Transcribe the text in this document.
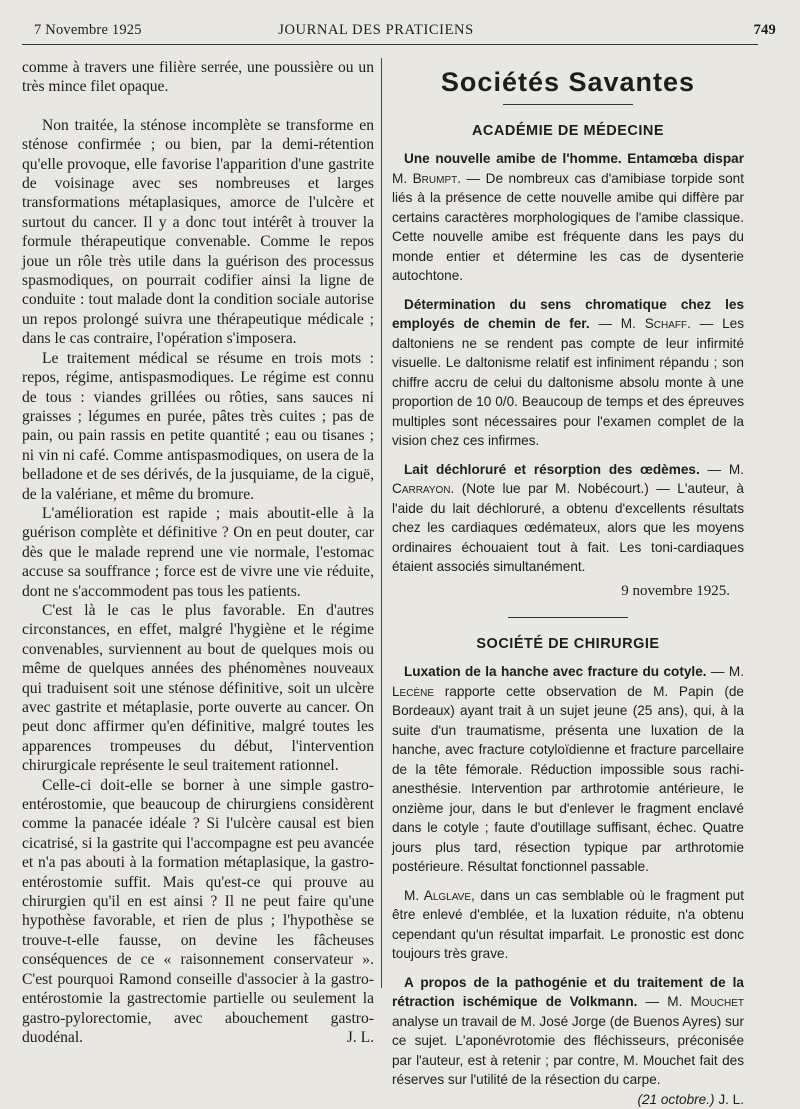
7 Novembre 1925	JOURNAL DES PRATICIENS	749

comme à travers une filière serrée, une poussière ou un très mince filet opaque.

Non traitée, la sténose incomplète se transforme en sténose confirmée ; ou bien, par la demi-rétention qu'elle provoque, elle favorise l'apparition d'une gastrite de voisinage avec ses nombreuses et larges transformations métaplasiques, amorce de l'ulcère et surtout du cancer. Il y a donc tout intérêt à trouver la formule thérapeutique convenable. Comme le repos joue un rôle très utile dans la guérison des processus spasmodiques, on pourrait codifier ainsi la ligne de conduite : tout malade dont la condition sociale autorise un repos prolongé suivra une thérapeutique médicale ; dans le cas contraire, l'opération s'imposera.

Le traitement médical se résume en trois mots : repos, régime, antispasmodiques. Le régime est connu de tous : viandes grillées ou rôties, sans sauces ni graisses ; légumes en purée, pâtes très cuites ; pas de pain, ou pain rassis en petite quantité ; eau ou tisanes ; ni vin ni café. Comme antispasmodiques, on usera de la belladone et de ses dérivés, de la jusquiame, de la ciguë, de la valériane, et même du bromure.

L'amélioration est rapide ; mais aboutit-elle à la guérison complète et définitive ? On en peut douter, car dès que le malade reprend une vie normale, l'estomac accuse sa souffrance ; force est de vivre une vie réduite, dont ne s'accommodent pas tous les patients.

C'est là le cas le plus favorable. En d'autres circonstances, en effet, malgré l'hygiène et le régime convenables, surviennent au bout de quelques mois ou même de quelques années des phénomènes nouveaux qui traduisent soit une sténose définitive, soit un ulcère avec gastrite et métaplasie, porte ouverte au cancer. On peut donc affirmer qu'en définitive, malgré toutes les apparences trompeuses du début, l'intervention chirurgicale représente le seul traitement rationnel.

Celle-ci doit-elle se borner à une simple gastro-entérostomie, que beaucoup de chirurgiens considèrent comme la panacée idéale ? Si l'ulcère causal est bien cicatrisé, si la gastrite qui l'accompagne est peu avancée et n'a pas abouti à la formation métaplasique, la gastro-entérostomie suffit. Mais qu'est-ce qui prouve au chirurgien qu'il en est ainsi ? Il ne peut faire qu'une hypothèse favorable, et rien de plus ; l'hypothèse se trouve-t-elle fausse, on devine les fâcheuses conséquences de ce « raisonnement conservateur ». C'est pourquoi Ramond conseille d'associer à la gastro-entérostomie la gastrectomie partielle ou seulement la gastro-pylorectomie, avec abouchement gastro-duodénal.	J. L.

Sociétés Savantes
ACADÉMIE DE MÉDECINE

Une nouvelle amibe de l'homme. Entamœba dispar M. Brumpt. — De nombreux cas d'amibiase torpide sont liés à la présence de cette nouvelle amibe qui diffère par certains caractères morphologiques de l'amibe classique. Cette nouvelle amibe est fréquente dans les pays du monde entier et détermine les cas de dysenterie autochtone.

Détermination du sens chromatique chez les employés de chemin de fer. — M. Schaff. — Les daltoniens ne se rendent pas compte de leur infirmité visuelle. Le daltonisme relatif est infiniment répandu ; son chiffre accru de celui du daltonisme absolu monte à une proportion de 10 0/0. Beaucoup de temps et des épreuves multiples sont nécessaires pour l'examen complet de la vision chez ces infirmes.

Lait déchloruré et résorption des œdèmes. — M. Carrayon. (Note lue par M. Nobécourt.) — L'auteur, à l'aide du lait déchloruré, a obtenu d'excellents résultats chez les cardiaques œdémateux, alors que les moyens ordinaires échouaient tout à fait. Les toni-cardiaques étaient associés simultanément.

9 novembre 1925.
SOCIÉTÉ DE CHIRURGIE

Luxation de la hanche avec fracture du cotyle. — M. Lecène rapporte cette observation de M. Papin (de Bordeaux) ayant trait à un sujet jeune (25 ans), qui, à la suite d'un traumatisme, présenta une luxation de la hanche, avec fracture cotyloïdienne et fracture parcellaire de la tête fémorale. Réduction impossible sous rachi-anesthésie. Intervention par arthrotomie antérieure, le onzième jour, dans le but d'enlever le fragment enclavé dans le cotyle ; faute d'outillage suffisant, échec. Quatre jours plus tard, résection typique par arthrotomie postérieure. Résultat fonctionnel passable.

M. Alglave, dans un cas semblable où le fragment put être enlevé d'emblée, et la luxation réduite, n'a obtenu cependant qu'un résultat imparfait. Le pronostic est donc toujours très grave.

A propos de la pathogénie et du traitement de la rétraction ischémique de Volkmann. — M. Mouchet analyse un travail de M. José Jorge (de Buenos Ayres) sur ce sujet. L'aponévrotomie des fléchisseurs, préconisée par l'auteur, est à retenir ; par contre, M. Mouchet fait des réserves sur l'utilité de la résection du carpe.
(21 octobre.) J. L.
